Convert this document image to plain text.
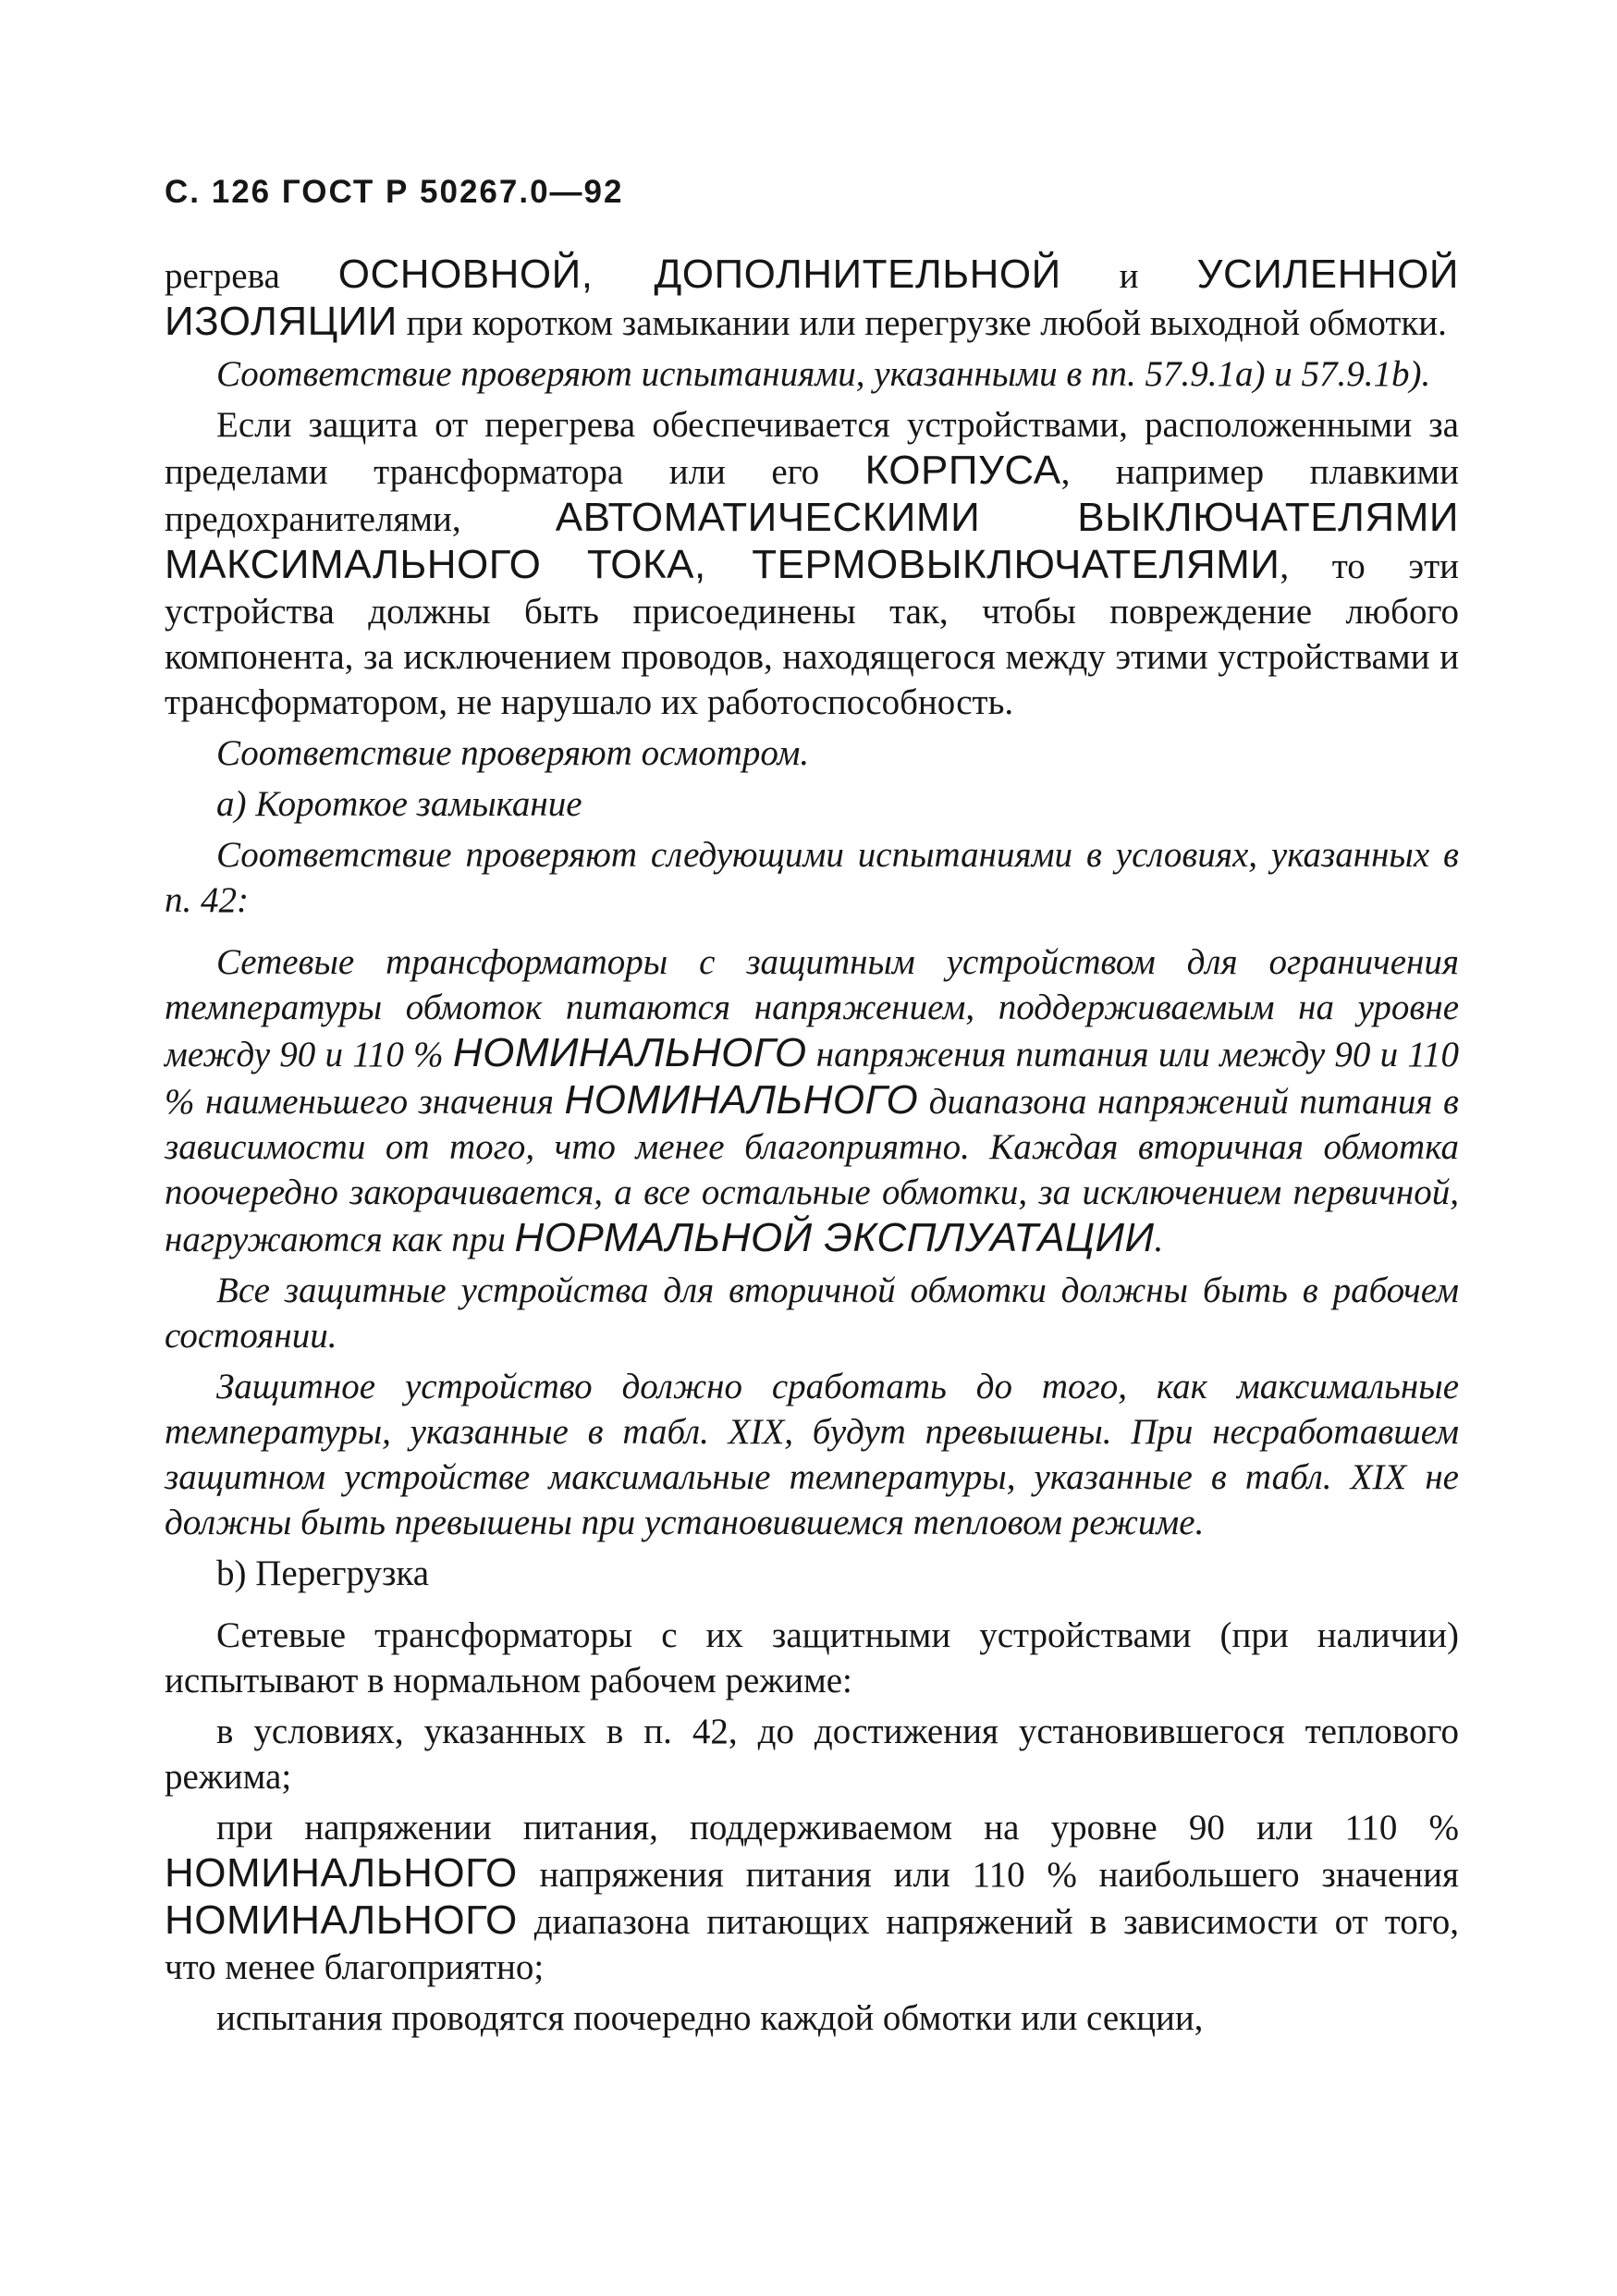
С. 126 ГОСТ Р 50267.0—92
регрева ОСНОВНОЙ, ДОПОЛНИТЕЛЬНОЙ и УСИЛЕННОЙ ИЗОЛЯЦИИ при коротком замыкании или перегрузке любой выходной обмотки.
Соответствие проверяют испытаниями, указанными в пп. 57.9.1a) и 57.9.1b).
Если защита от перегрева обеспечивается устройствами, расположенными за пределами трансформатора или его КОРПУСА, например плавкими предохранителями, АВТОМАТИЧЕСКИМИ ВЫКЛЮЧАТЕЛЯМИ МАКСИМАЛЬНОГО ТОКА, ТЕРМОВЫКЛЮЧАТЕЛЯМИ, то эти устройства должны быть присоединены так, чтобы повреждение любого компонента, за исключением проводов, находящегося между этими устройствами и трансформатором, не нарушало их работоспособность.
Соответствие проверяют осмотром.
a) Короткое замыкание
Соответствие проверяют следующими испытаниями в условиях, указанных в п. 42:
Сетевые трансформаторы с защитным устройством для ограничения температуры обмоток питаются напряжением, поддерживаемым на уровне между 90 и 110 % НОМИНАЛЬНОГО напряжения питания или между 90 и 110 % наименьшего значения НОМИНАЛЬНОГО диапазона напряжений питания в зависимости от того, что менее благоприятно. Каждая вторичная обмотка поочередно закорачивается, а все остальные обмотки, за исключением первичной, нагружаются как при НОРМАЛЬНОЙ ЭКСПЛУАТАЦИИ.
Все защитные устройства для вторичной обмотки должны быть в рабочем состоянии.
Защитное устройство должно сработать до того, как максимальные температуры, указанные в табл. XIX, будут превышены. При несработавшем защитном устройстве максимальные температуры, указанные в табл. XIX не должны быть превышены при установившемся тепловом режиме.
b) Перегрузка
Сетевые трансформаторы с их защитными устройствами (при наличии) испытывают в нормальном рабочем режиме:
в условиях, указанных в п. 42, до достижения установившегося теплового режима;
при напряжении питания, поддерживаемом на уровне 90 или 110 % НОМИНАЛЬНОГО напряжения питания или 110 % наибольшего значения НОМИНАЛЬНОГО диапазона питающих напряжений в зависимости от того, что менее благоприятно;
испытания проводятся поочередно каждой обмотки или секции,
